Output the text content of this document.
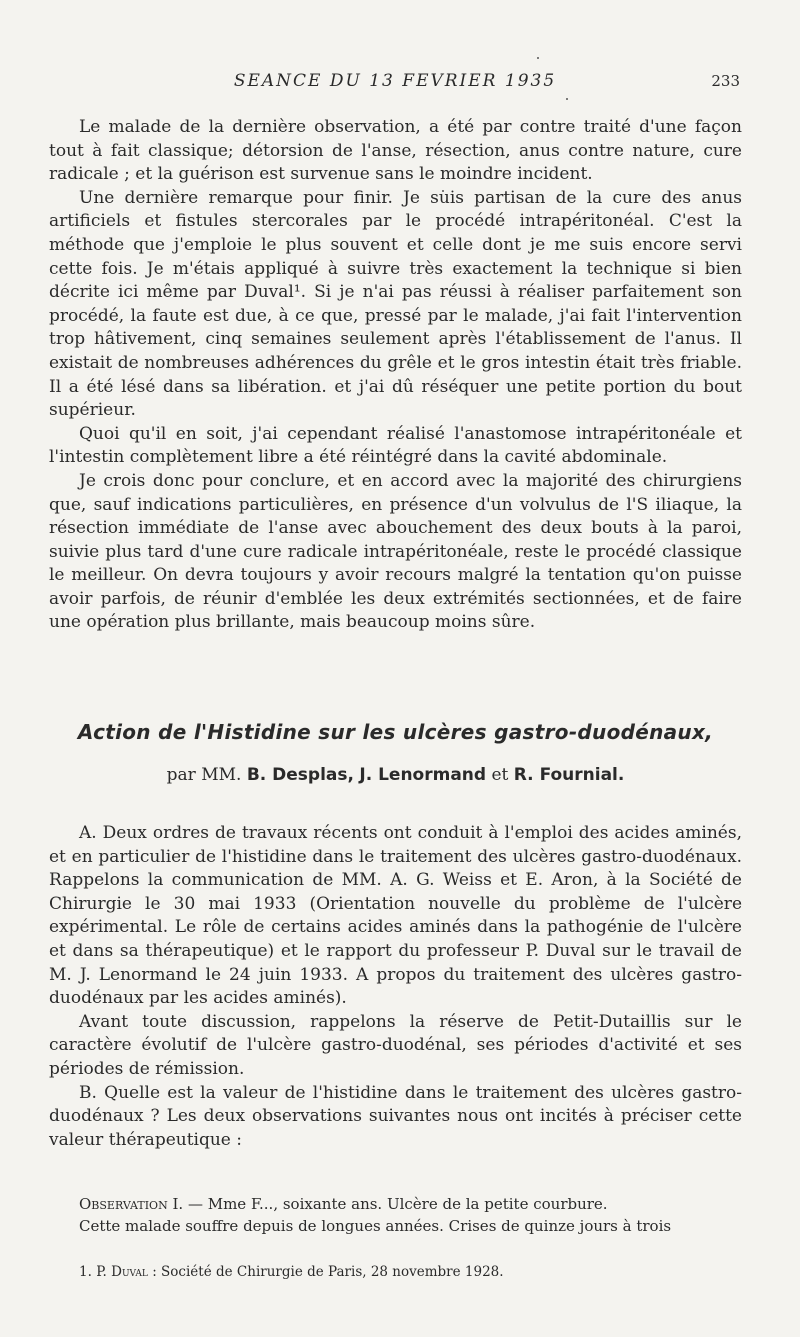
SEANCE DU 13 FEVRIER 1935	233

Le malade de la dernière observation, a été par contre traité d'une façon tout à fait classique; détorsion de l'anse, résection, anus contre nature, cure radicale ; et la guérison est survenue sans le moindre incident.

Une dernière remarque pour finir. Je suis partisan de la cure des anus artificiels et fistules stercorales par le procédé intrapéritonéal. C'est la méthode que j'emploie le plus souvent et celle dont je me suis encore servi cette fois. Je m'étais appliqué à suivre très exactement la technique si bien décrite ici même par Duval¹. Si je n'ai pas réussi à réaliser parfaitement son procédé, la faute est due, à ce que, pressé par le malade, j'ai fait l'intervention trop hâtivement, cinq semaines seulement après l'établissement de l'anus. Il existait de nombreuses adhérences du grêle et le gros intestin était très friable. Il a été lésé dans sa libération. et j'ai dû réséquer une petite portion du bout supérieur.

Quoi qu'il en soit, j'ai cependant réalisé l'anastomose intrapéritonéale et l'intestin complètement libre a été réintégré dans la cavité abdominale.

Je crois donc pour conclure, et en accord avec la majorité des chirurgiens que, sauf indications particulières, en présence d'un volvulus de l'S iliaque, la résection immédiate de l'anse avec abouchement des deux bouts à la paroi, suivie plus tard d'une cure radicale intrapéritonéale, reste le procédé classique le meilleur. On devra toujours y avoir recours malgré la tentation qu'on puisse avoir parfois, de réunir d'emblée les deux extrémités sectionnées, et de faire une opération plus brillante, mais beaucoup moins sûre.

Action de l'Histidine sur les ulcères gastro-duodénaux,
par MM. B. Desplas, J. Lenormand et R. Fournial.

A. Deux ordres de travaux récents ont conduit à l'emploi des acides aminés, et en particulier de l'histidine dans le traitement des ulcères gastro-duodénaux. Rappelons la communication de MM. A. G. Weiss et E. Aron, à la Société de Chirurgie le 30 mai 1933 (Orientation nouvelle du problème de l'ulcère expérimental. Le rôle de certains acides aminés dans la pathogénie de l'ulcère et dans sa thérapeutique) et le rapport du professeur P. Duval sur le travail de M. J. Lenormand le 24 juin 1933. A propos du traitement des ulcères gastro-duodénaux par les acides aminés).

Avant toute discussion, rappelons la réserve de Petit-Dutaillis sur le caractère évolutif de l'ulcère gastro-duodénal, ses périodes d'activité et ses périodes de rémission.

B. Quelle est la valeur de l'histidine dans le traitement des ulcères gastro-duodénaux ? Les deux observations suivantes nous ont incités à préciser cette valeur thérapeutique :

Observation I. — Mme F..., soixante ans. Ulcère de la petite courbure.

Cette malade souffre depuis de longues années. Crises de quinze jours à trois

1. P. Duval : Société de Chirurgie de Paris, 28 novembre 1928.
